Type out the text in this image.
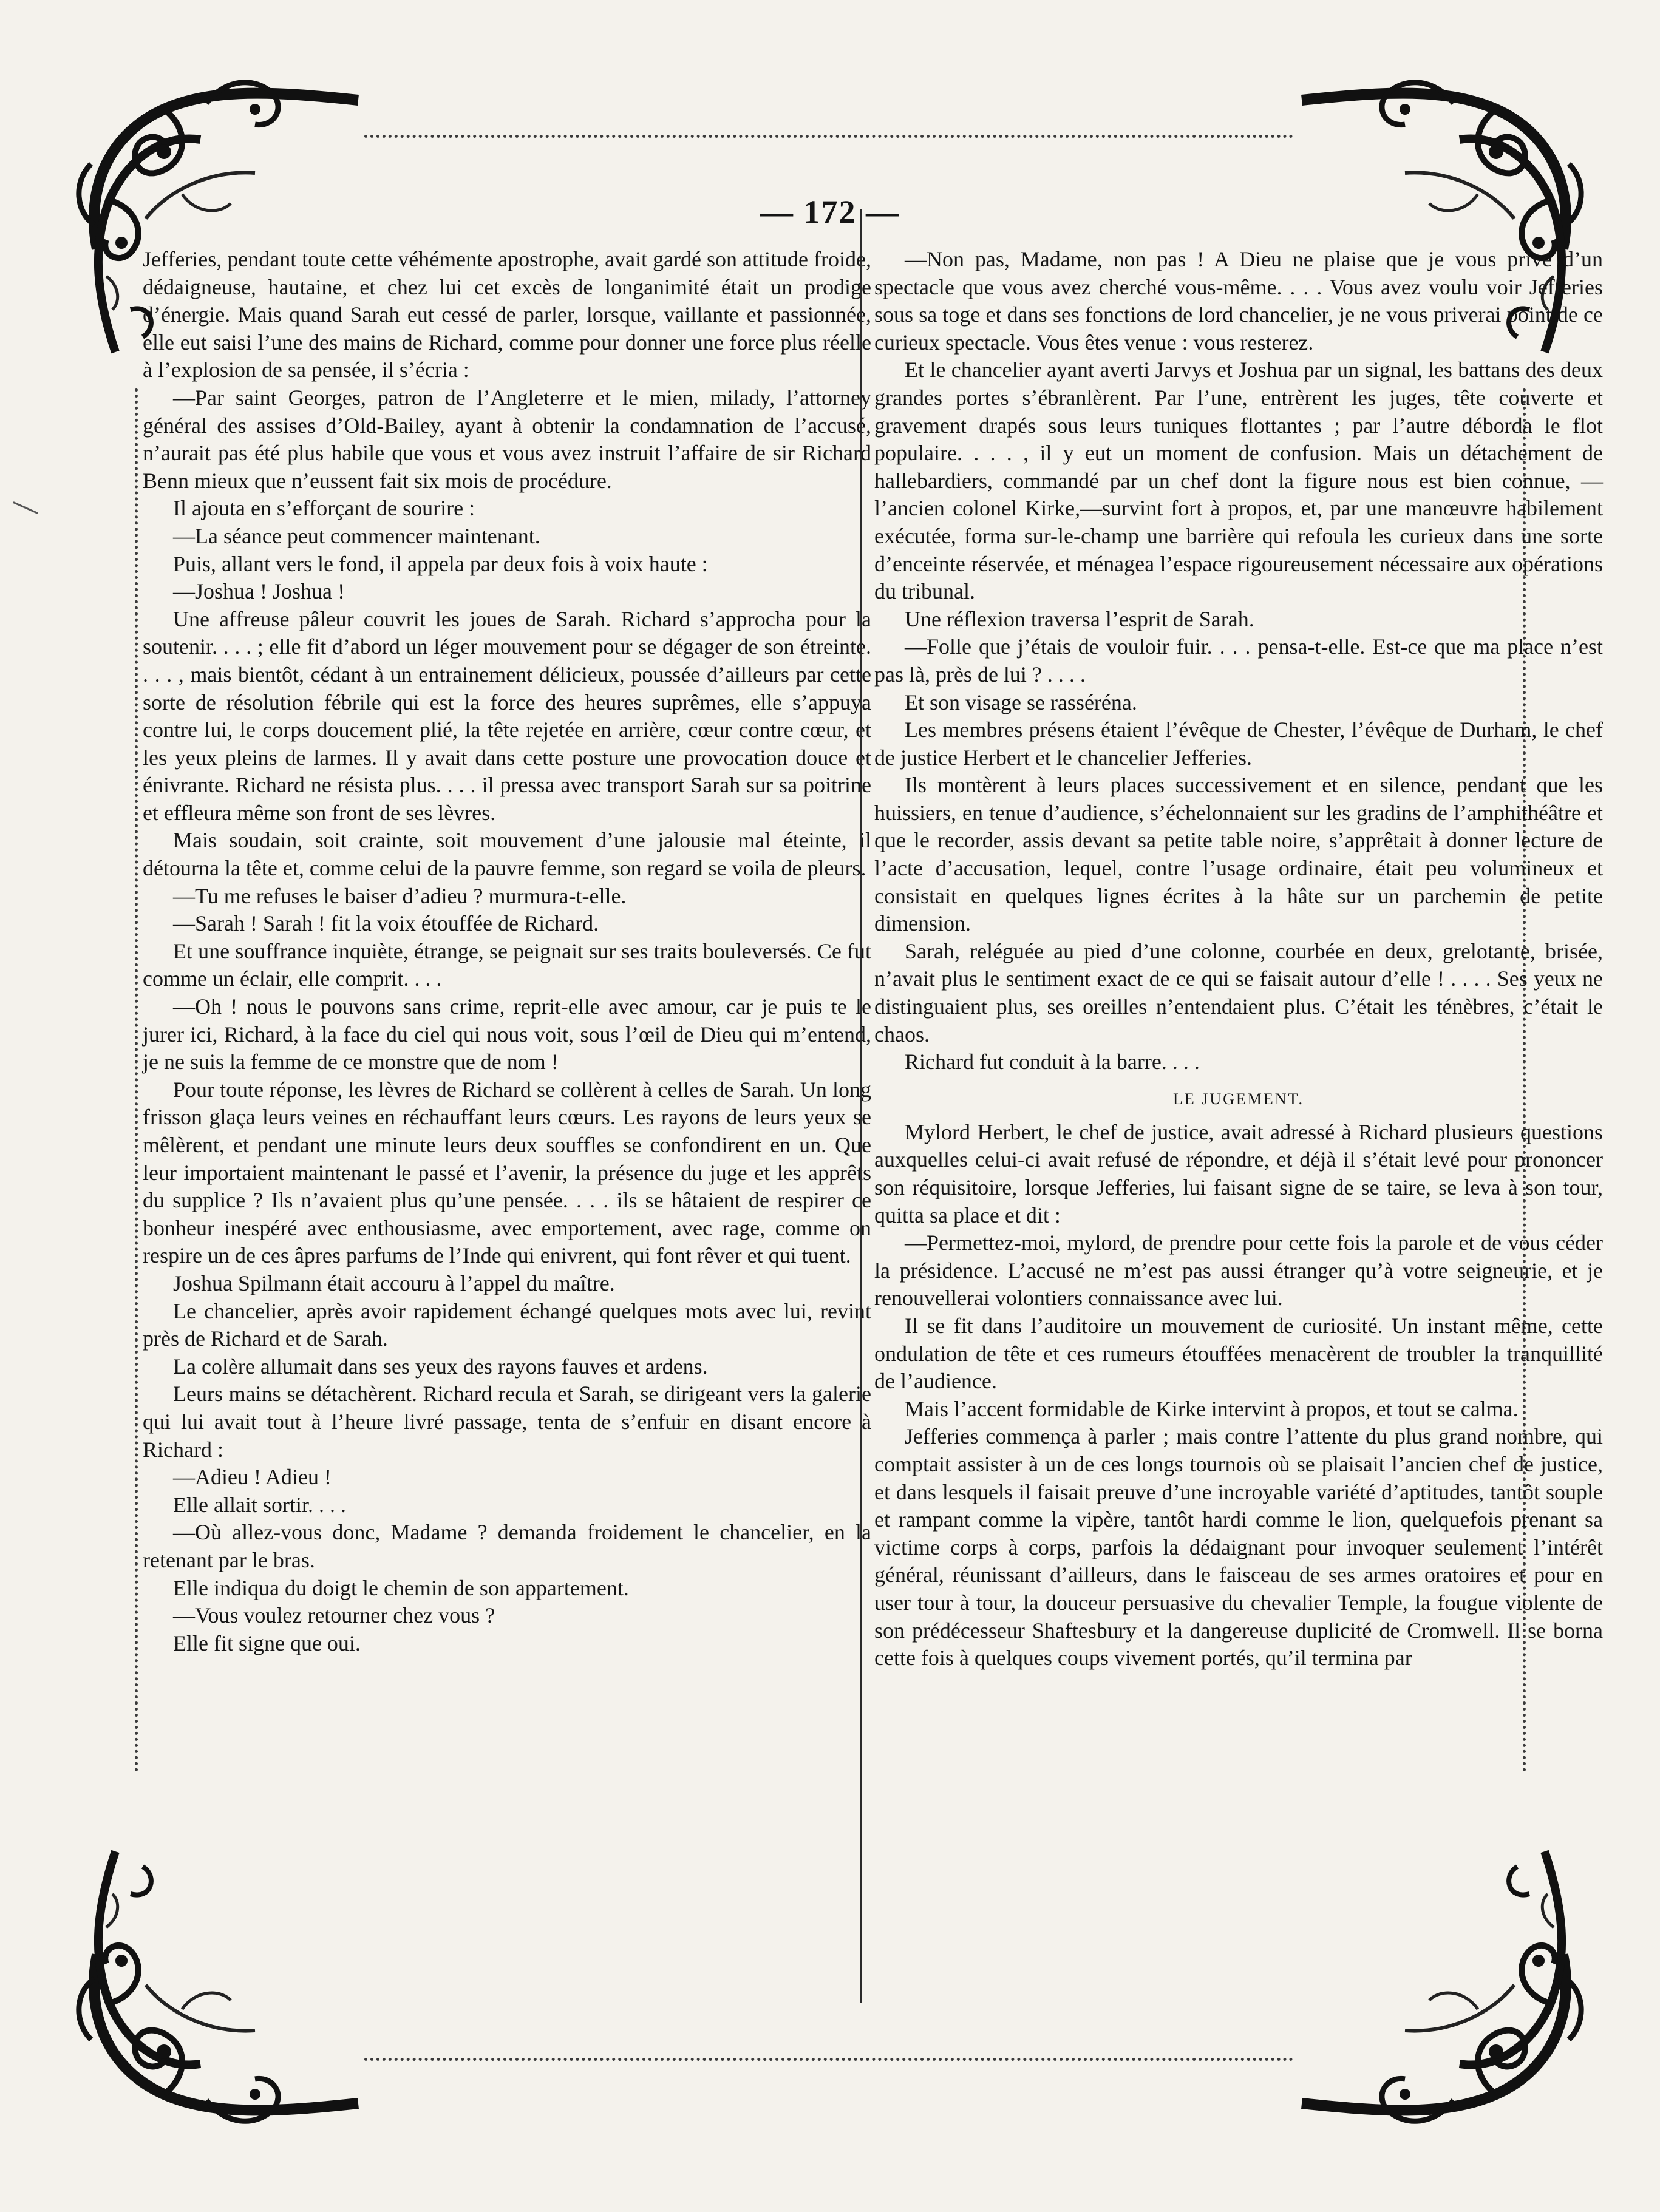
— 172 —

Jefferies, pendant toute cette véhémente apostrophe, avait gardé son attitude froide, dédaigneuse, hautaine, et chez lui cet excès de longanimité était un prodige d’énergie. Mais quand Sarah eut cessé de parler, lorsque, vaillante et passionnée, elle eut saisi l’une des mains de Richard, comme pour donner une force plus réelle à l’explosion de sa pensée, il s’écria :

—Par saint Georges, patron de l’Angleterre et le mien, milady, l’attorney général des assises d’Old-Bailey, ayant à obtenir la condamnation de l’accusé, n’aurait pas été plus habile que vous et vous avez instruit l’affaire de sir Richard Benn mieux que n’eussent fait six mois de procédure.

Il ajouta en s’efforçant de sourire :

—La séance peut commencer maintenant.

Puis, allant vers le fond, il appela par deux fois à voix haute :

—Joshua ! Joshua !

Une affreuse pâleur couvrit les joues de Sarah. Richard s’approcha pour la soutenir. . . . ; elle fit d’abord un léger mouvement pour se dégager de son étreinte. . . . , mais bientôt, cédant à un entrainement délicieux, poussée d’ailleurs par cette sorte de résolution fébrile qui est la force des heures suprêmes, elle s’appuya contre lui, le corps doucement plié, la tête rejetée en arrière, cœur contre cœur, et les yeux pleins de larmes. Il y avait dans cette posture une provocation douce et énivrante. Richard ne résista plus. . . . il pressa avec transport Sarah sur sa poitrine et effleura même son front de ses lèvres.

Mais soudain, soit crainte, soit mouvement d’une jalousie mal éteinte, il détourna la tête et, comme celui de la pauvre femme, son regard se voila de pleurs.

—Tu me refuses le baiser d’adieu ? murmura-t-elle.

—Sarah ! Sarah ! fit la voix étouffée de Richard.

Et une souffrance inquiète, étrange, se peignait sur ses traits bouleversés. Ce fut comme un éclair, elle comprit. . . .

—Oh ! nous le pouvons sans crime, reprit-elle avec amour, car je puis te le jurer ici, Richard, à la face du ciel qui nous voit, sous l’œil de Dieu qui m’entend, je ne suis la femme de ce monstre que de nom !

Pour toute réponse, les lèvres de Richard se collèrent à celles de Sarah. Un long frisson glaça leurs veines en réchauffant leurs cœurs. Les rayons de leurs yeux se mêlèrent, et pendant une minute leurs deux souffles se confondirent en un. Que leur importaient maintenant le passé et l’avenir, la présence du juge et les apprêts du supplice ? Ils n’avaient plus qu’une pensée. . . . ils se hâtaient de respirer ce bonheur inespéré avec enthousiasme, avec emportement, avec rage, comme on respire un de ces âpres parfums de l’Inde qui enivrent, qui font rêver et qui tuent.

Joshua Spilmann était accouru à l’appel du maître.

Le chancelier, après avoir rapidement échangé quelques mots avec lui, revint près de Richard et de Sarah.

La colère allumait dans ses yeux des rayons fauves et ardens.

Leurs mains se détachèrent. Richard recula et Sarah, se dirigeant vers la galerie qui lui avait tout à l’heure livré passage, tenta de s’enfuir en disant encore à Richard :

—Adieu ! Adieu !

Elle allait sortir. . . .

—Où allez-vous donc, Madame ? demanda froidement le chancelier, en la retenant par le bras.

Elle indiqua du doigt le chemin de son appartement.

—Vous voulez retourner chez vous ?

Elle fit signe que oui.

—Non pas, Madame, non pas ! A Dieu ne plaise que je vous prive d’un spectacle que vous avez cherché vous-même. . . . Vous avez voulu voir Jefferies sous sa toge et dans ses fonctions de lord chancelier, je ne vous priverai point de ce curieux spectacle. Vous êtes venue : vous resterez.

Et le chancelier ayant averti Jarvys et Joshua par un signal, les battans des deux grandes portes s’ébranlèrent. Par l’une, entrèrent les juges, tête couverte et gravement drapés sous leurs tuniques flottantes ; par l’autre déborda le flot populaire. . . . , il y eut un moment de confusion. Mais un détachement de hallebardiers, commandé par un chef dont la figure nous est bien connue, —l’ancien colonel Kirke,—survint fort à propos, et, par une manœuvre habilement exécutée, forma sur-le-champ une barrière qui refoula les curieux dans une sorte d’enceinte réservée, et ménagea l’espace rigoureusement nécessaire aux opérations du tribunal.

Une réflexion traversa l’esprit de Sarah.

—Folle que j’étais de vouloir fuir. . . . pensa-t-elle. Est-ce que ma place n’est pas là, près de lui ? . . . .

Et son visage se rasséréna.

Les membres présens étaient l’évêque de Chester, l’évêque de Durham, le chef de justice Herbert et le chancelier Jefferies.

Ils montèrent à leurs places successivement et en silence, pendant que les huissiers, en tenue d’audience, s’échelonnaient sur les gradins de l’amphithéâtre et que le recorder, assis devant sa petite table noire, s’apprêtait à donner lecture de l’acte d’accusation, lequel, contre l’usage ordinaire, était peu volumineux et consistait en quelques lignes écrites à la hâte sur un parchemin de petite dimension.

Sarah, reléguée au pied d’une colonne, courbée en deux, grelotante, brisée, n’avait plus le sentiment exact de ce qui se faisait autour d’elle ! . . . . Ses yeux ne distinguaient plus, ses oreilles n’entendaient plus. C’était les ténèbres, c’était le chaos.

Richard fut conduit à la barre. . . .

LE JUGEMENT.

Mylord Herbert, le chef de justice, avait adressé à Richard plusieurs questions auxquelles celui-ci avait refusé de répondre, et déjà il s’était levé pour prononcer son réquisitoire, lorsque Jefferies, lui faisant signe de se taire, se leva à son tour, quitta sa place et dit :

—Permettez-moi, mylord, de prendre pour cette fois la parole et de vous céder la présidence. L’accusé ne m’est pas aussi étranger qu’à votre seigneurie, et je renouvellerai volontiers connaissance avec lui.

Il se fit dans l’auditoire un mouvement de curiosité. Un instant même, cette ondulation de tête et ces rumeurs étouffées menacèrent de troubler la tranquillité de l’audience.

Mais l’accent formidable de Kirke intervint à propos, et tout se calma.

Jefferies commença à parler ; mais contre l’attente du plus grand nombre, qui comptait assister à un de ces longs tournois où se plaisait l’ancien chef de justice, et dans lesquels il faisait preuve d’une incroyable variété d’aptitudes, tantôt souple et rampant comme la vipère, tantôt hardi comme le lion, quelquefois prenant sa victime corps à corps, parfois la dédaignant pour invoquer seulement l’intérêt général, réunissant d’ailleurs, dans le faisceau de ses armes oratoires et pour en user tour à tour, la douceur persuasive du chevalier Temple, la fougue violente de son prédécesseur Shaftesbury et la dangereuse duplicité de Cromwell. Il se borna cette fois à quelques coups vivement portés, qu’il termina par
